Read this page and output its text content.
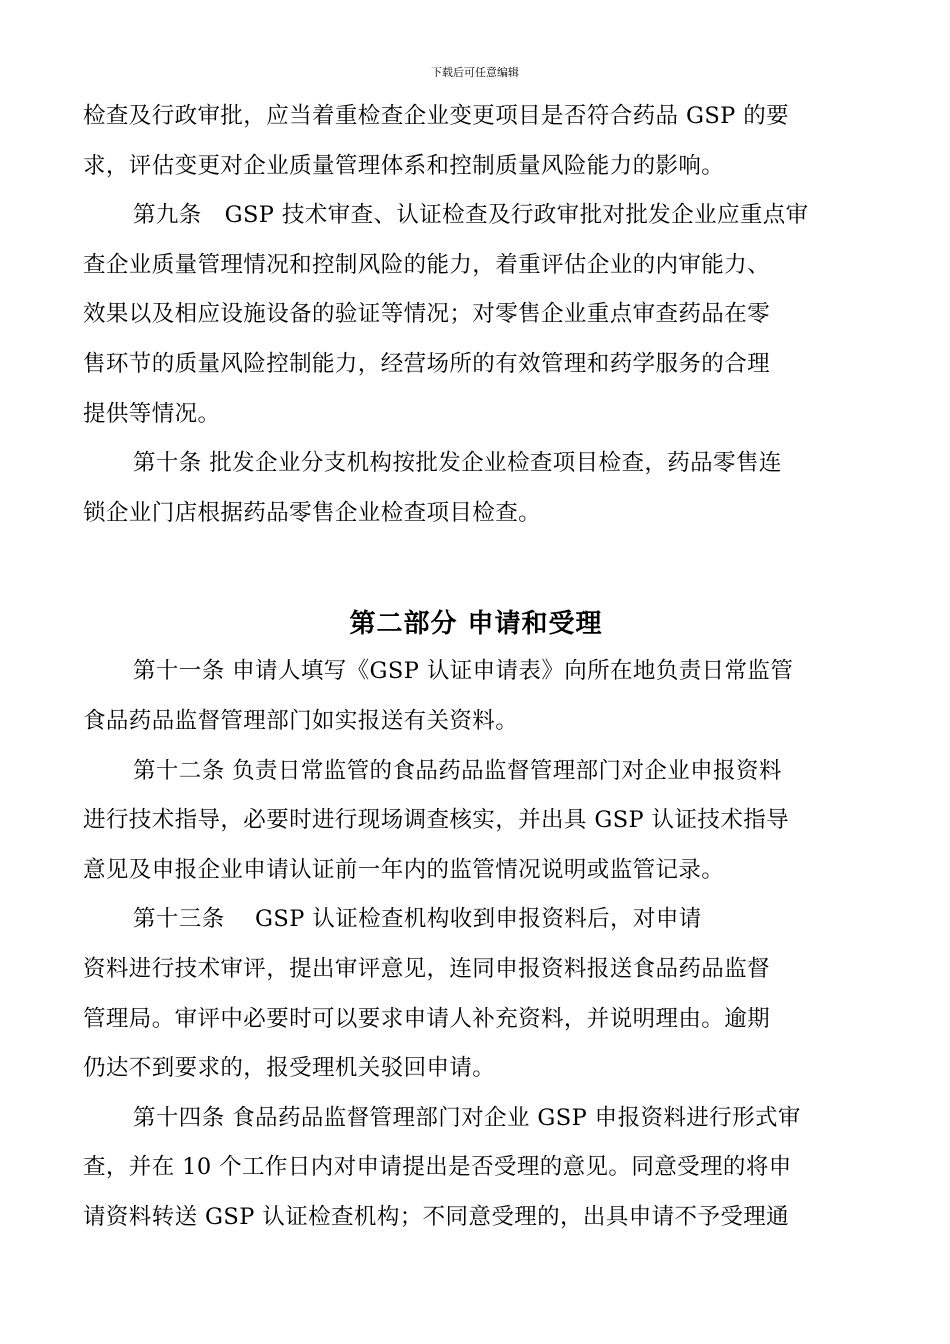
下载后可任意编辑

检查及行政审批，应当着重检查企业变更项目是否符合药品 GSP 的要
求，评估变更对企业质量管理体系和控制质量风险能力的影响。

第九条　GSP 技术审查、认证检查及行政审批对批发企业应重点审
查企业质量管理情况和控制风险的能力，着重评估企业的内审能力、
效果以及相应设施设备的验证等情况；对零售企业重点审查药品在零
售环节的质量风险控制能力，经营场所的有效管理和药学服务的合理
提供等情况。

第十条 批发企业分支机构按批发企业检查项目检查，药品零售连
锁企业门店根据药品零售企业检查项目检查。

第二部分 申请和受理

第十一条 申请人填写《GSP 认证申请表》向所在地负责日常监管
食品药品监督管理部门如实报送有关资料。

第十二条 负责日常监管的食品药品监督管理部门对企业申报资料
进行技术指导，必要时进行现场调查核实，并出具 GSP 认证技术指导
意见及申报企业申请认证前一年内的监管情况说明或监管记录。

第十三条　 GSP 认证检查机构收到申报资料后，对申请
资料进行技术审评，提出审评意见，连同申报资料报送食品药品监督
管理局。审评中必要时可以要求申请人补充资料，并说明理由。逾期
仍达不到要求的，报受理机关驳回申请。

第十四条 食品药品监督管理部门对企业 GSP 申报资料进行形式审
查，并在 10 个工作日内对申请提出是否受理的意见。同意受理的将申
请资料转送 GSP 认证检查机构；不同意受理的，出具申请不予受理通
